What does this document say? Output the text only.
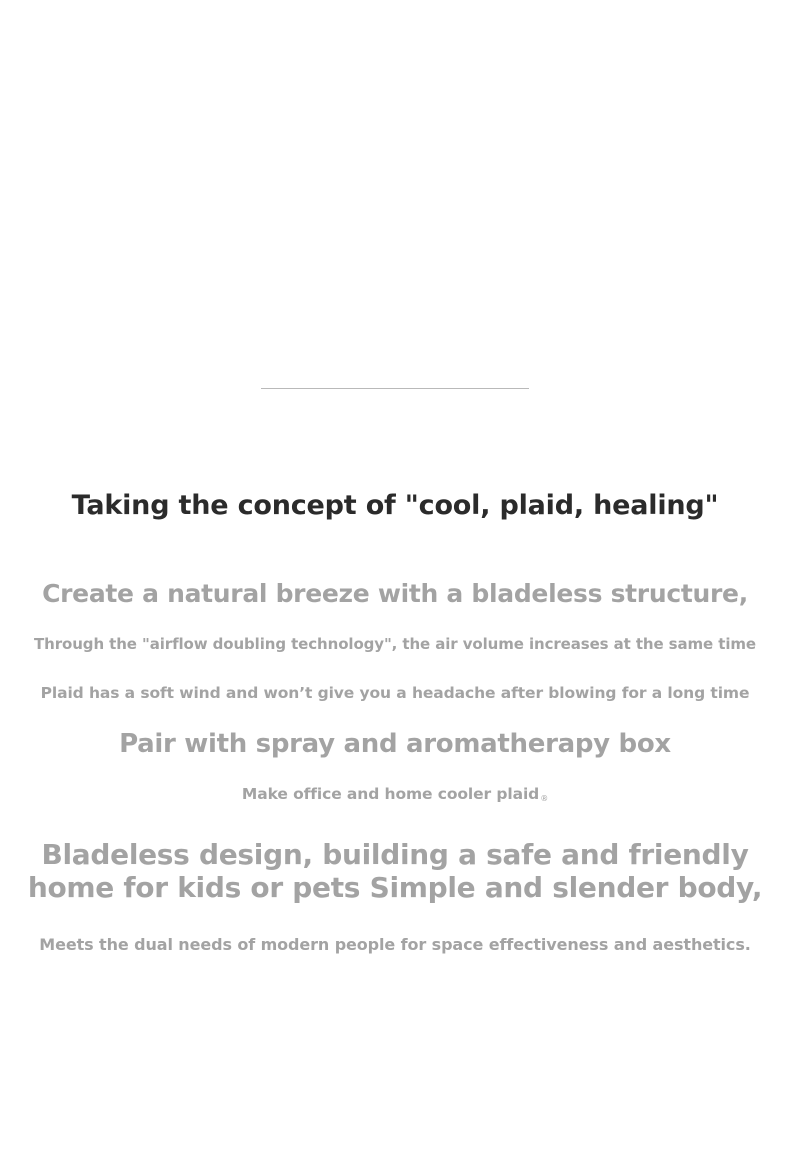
Taking the concept of "cool, plaid, healing"

Create a natural breeze with a bladeless structure,

Through the "airflow doubling technology", the air volume increases at the same time

Plaid has a soft wind and won’t give you a headache after blowing for a long time

Pair with spray and aromatherapy box

Make office and home cooler plaid®

Bladeless design, building a safe and friendly
home for kids or pets Simple and slender body,

Meets the dual needs of modern people for space effectiveness and aesthetics.
